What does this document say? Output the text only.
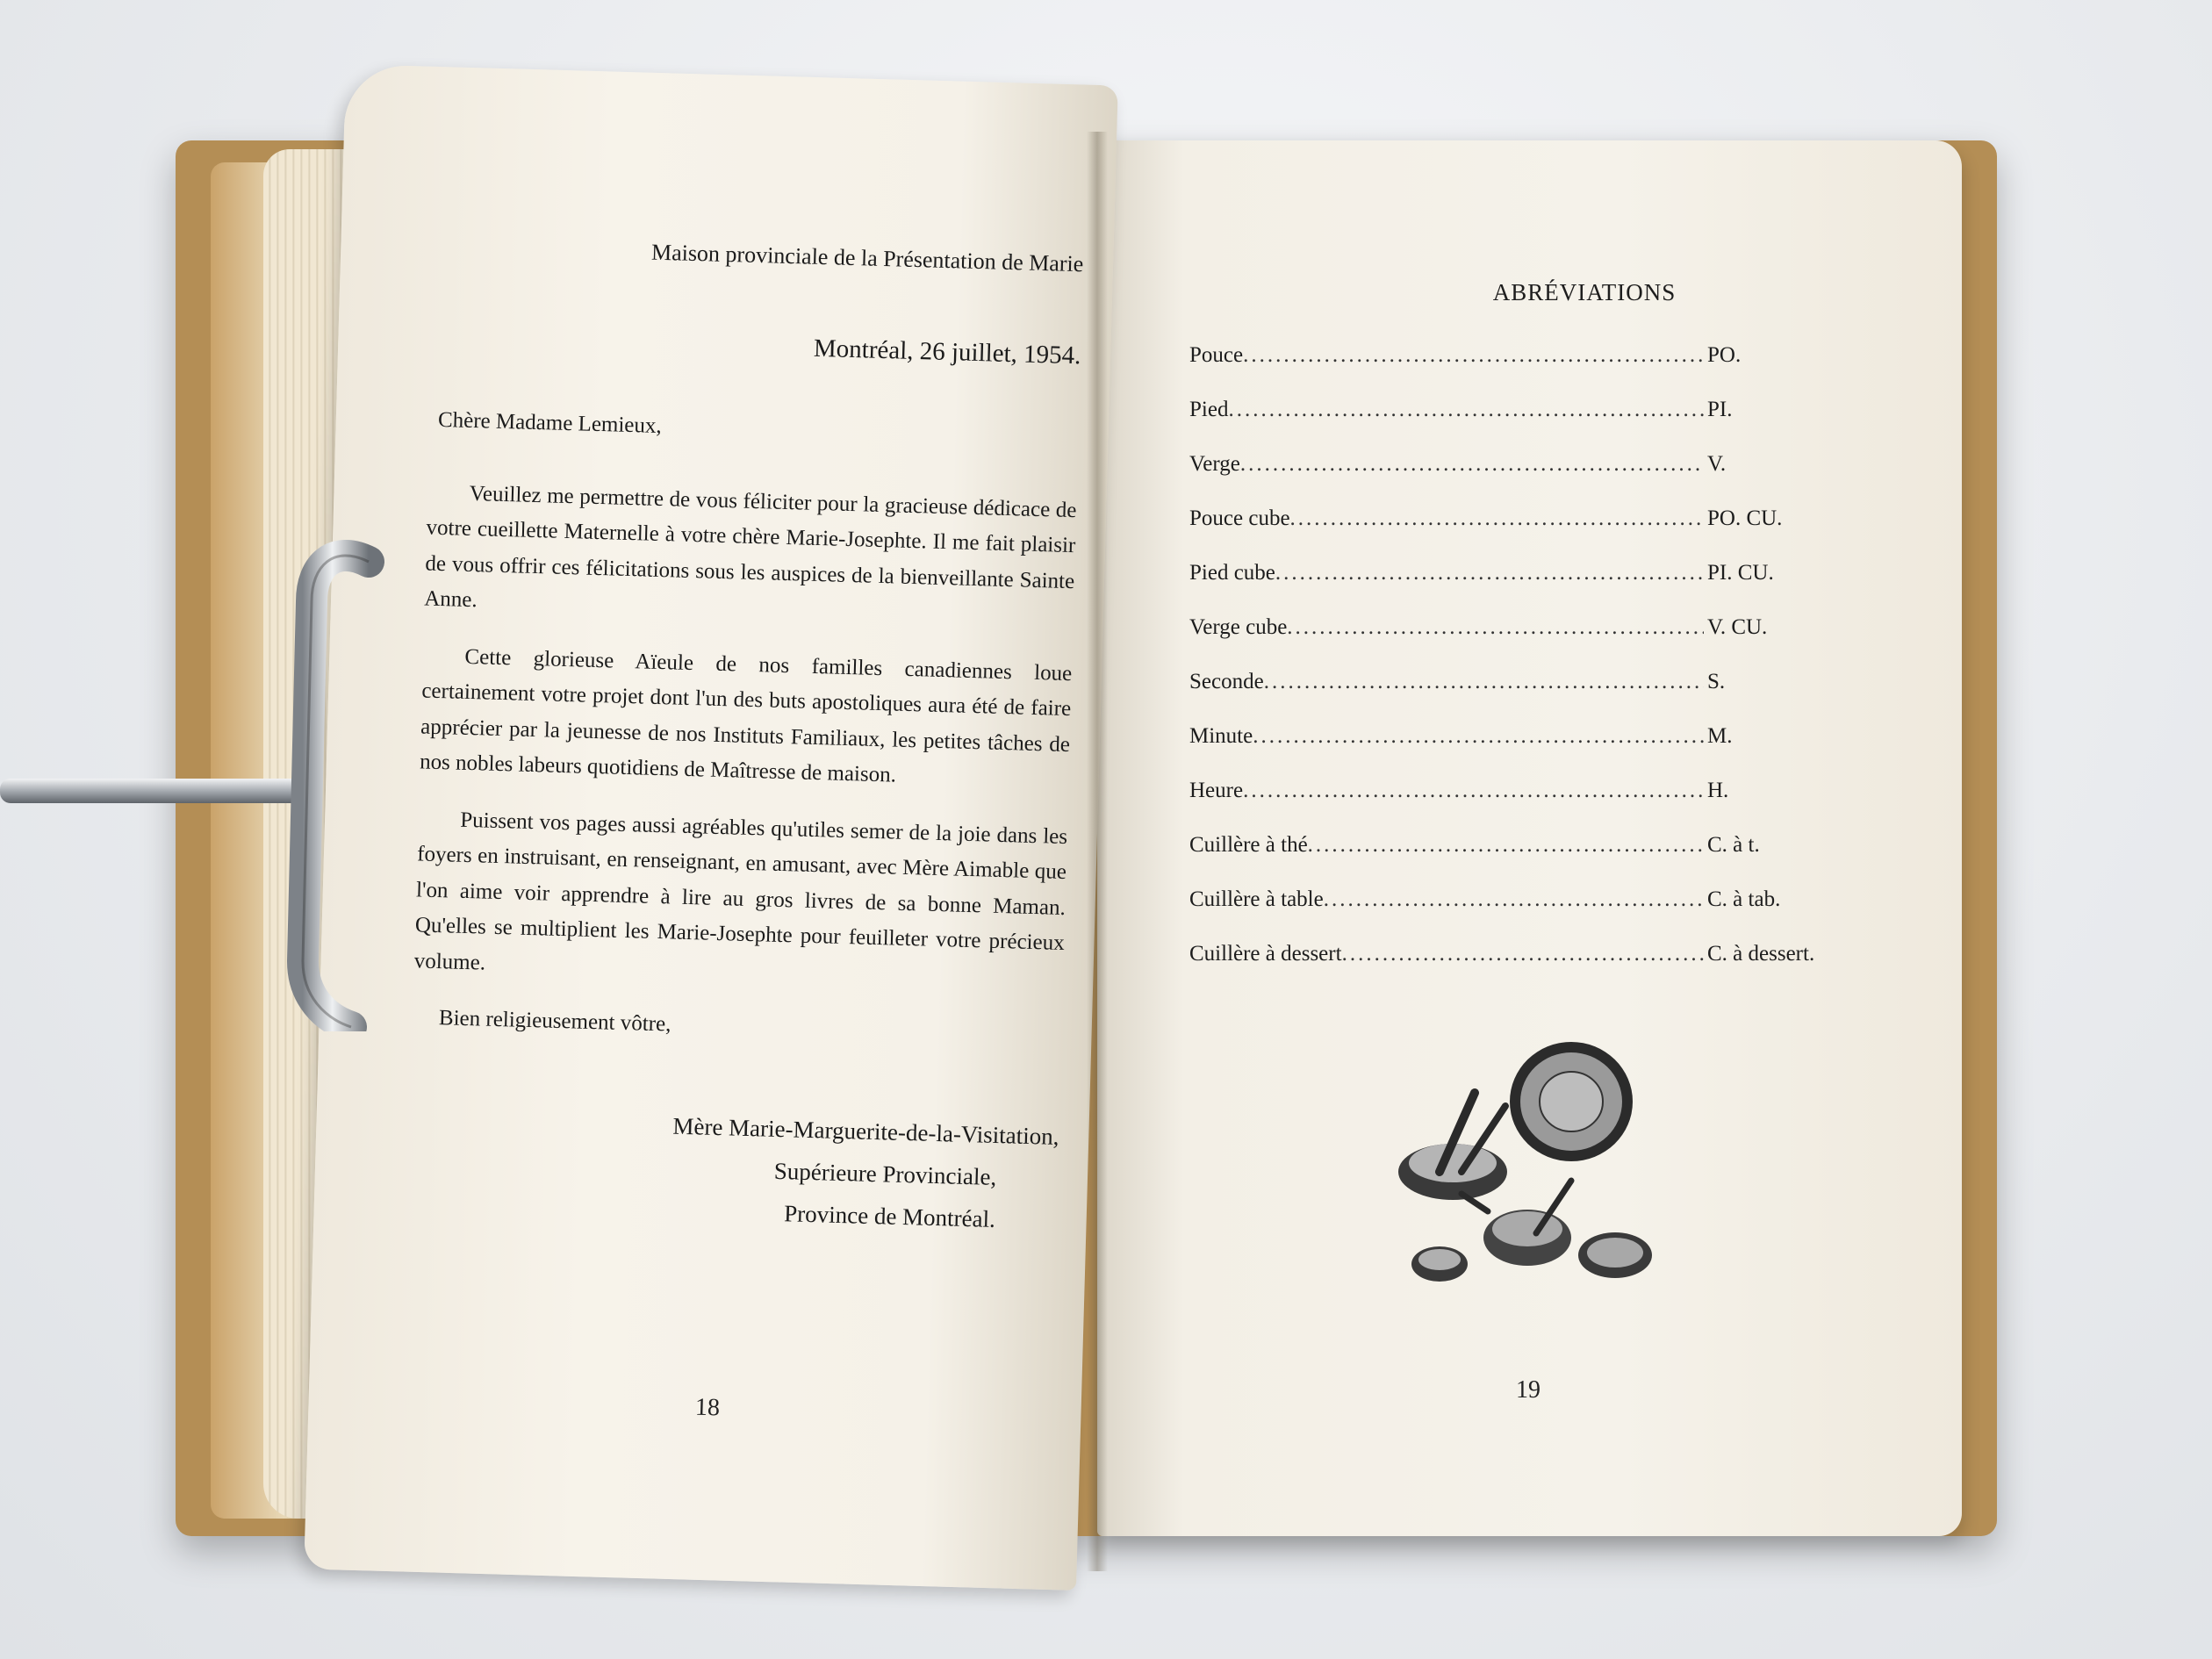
Maison provinciale de la Présentation de Marie
Montréal, 26 juillet, 1954.
Chère Madame Lemieux,

Veuillez me permettre de vous féliciter pour la gracieuse dédicace de votre cueillette Maternelle à votre chère Marie-Josephte. Il me fait plaisir de vous offrir ces félicitations sous les auspices de la bienveillante Sainte Anne.

Cette glorieuse Aïeule de nos familles canadiennes loue certainement votre projet dont l'un des buts apostoliques aura été de faire apprécier par la jeunesse de nos Instituts Familiaux, les petites tâches de nos nobles labeurs quotidiens de Maîtresse de maison.

Puissent vos pages aussi agréables qu'utiles semer de la joie dans les foyers en instruisant, en renseignant, en amusant, avec Mère Aimable que l'on aime voir apprendre à lire au gros livres de sa bonne Maman. Qu'elles se multiplient les Marie-Josephte pour feuilleter votre précieux volume.

Bien religieusement vôtre,
Mère Marie-Marguerite-de-la-Visitation,
Supérieure Provinciale,
Province de Montréal.
18
ABRÉVIATIONS
Pouce .....	PO.
Pied .....	PI.
Verge .....	V.
Pouce cube .....	PO. CU.
Pied cube .....	PI. CU.
Verge cube .....	V. CU.
Seconde .....	S.
Minute .....	M.
Heure .....	H.
Cuillère à thé .....	C. à t.
Cuillère à table .....	C. à tab.
Cuillère à dessert .....	C. à dessert.
19
